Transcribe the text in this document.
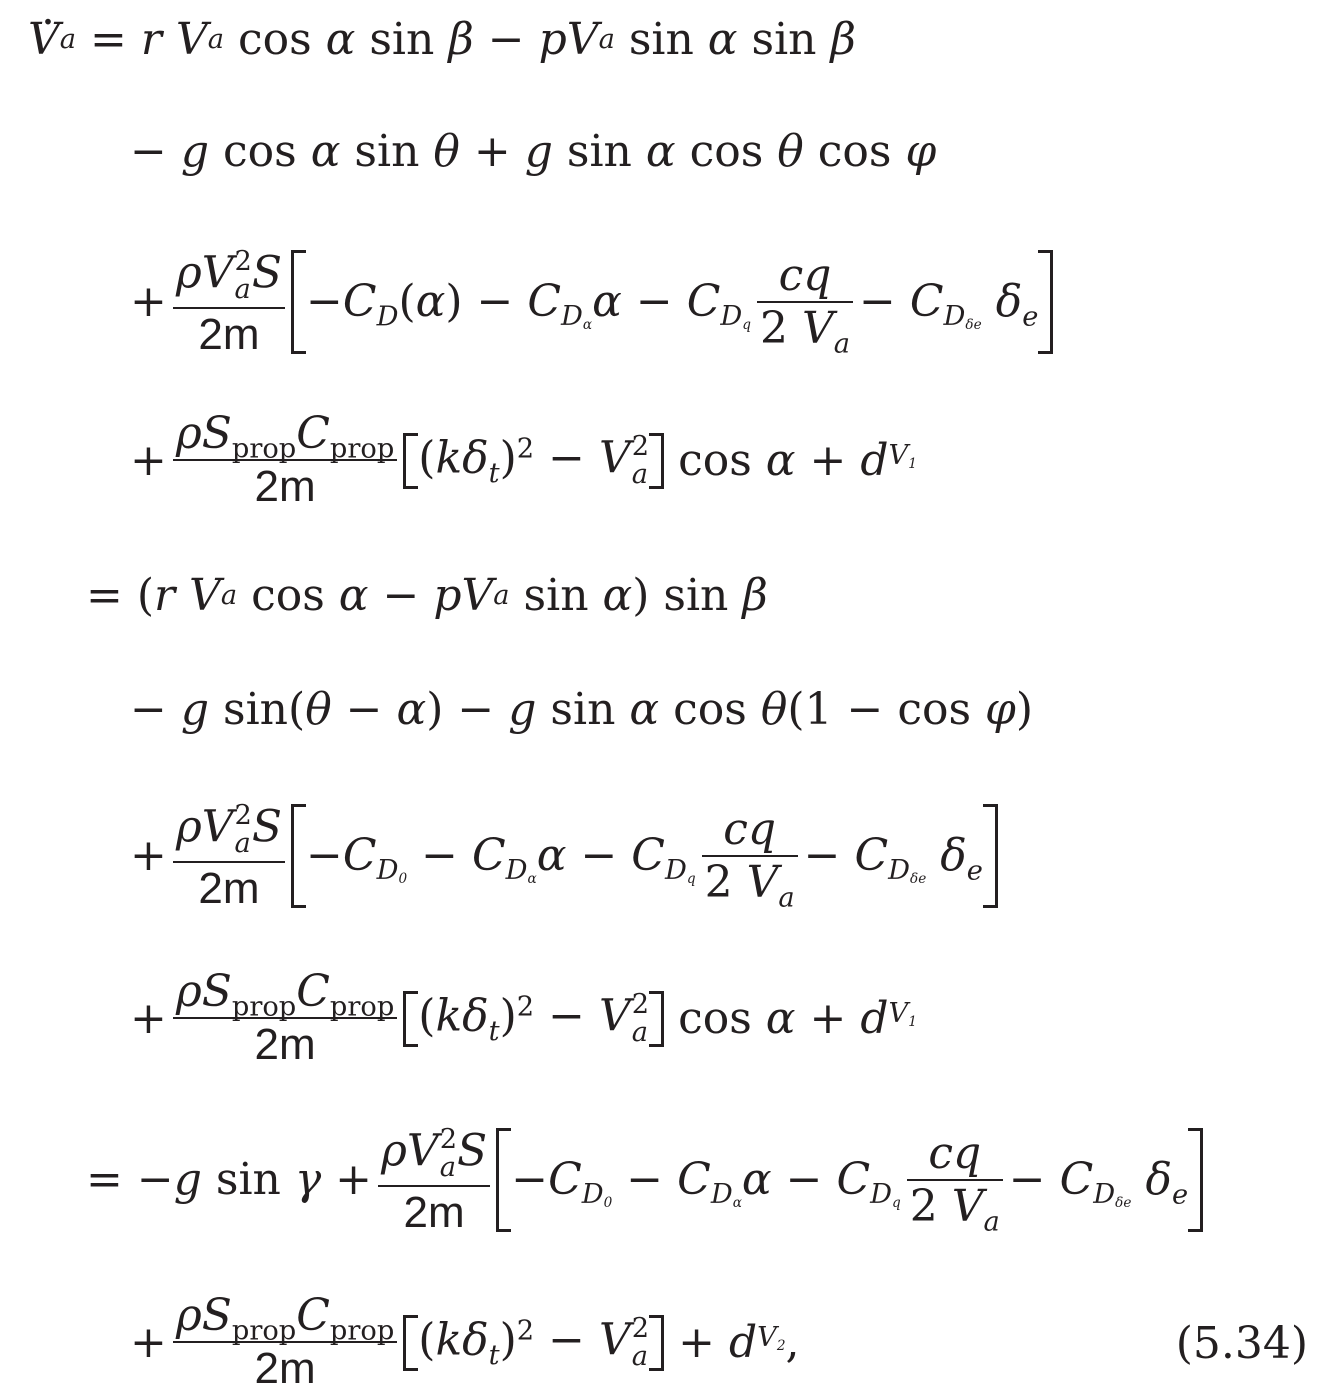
. V a = r V a cos α sin β − pV a sin α sin β
− g cos α sin θ + g sin α cos θ cos φ
+ ρV 2
a S
$2m -C_D(\alpha) - C_{D\alpha}\alpha - C_{Dq} \frac{cq}{2 V_a} - C_{D\delta e}$ $\delta_e$
+ $\frac{\rho S_{prop}C_{prop}}{2m} (k\delta_t)^2 - V$ 2
a cos α + d V1
= ( r V a cos α − pV a sin α ) sin β
− g sin( θ − α ) − g sin α cos θ (1 − cos φ )
+ ρV 2
a S
$2m -C_{D0} - C_{D\alpha}\alpha - C_{Dq} \frac{cq}{2 V_a} - C_{D\delta e}$ $\delta_e$
+ $\frac{\rho S_{prop}C_{prop}}{2m} (k\delta_t)^2 - V$ 2
a cos α + d V1
= − g sin γ + ρV 2
a S
$2m -C_{D0} - C_{D\alpha}\alpha - C_{Dq} \frac{cq}{2 V_a} - C_{D\delta e}$ $\delta_e$
+ $\frac{\rho S_{prop}C_{prop}}{2m} (k\delta_t)^2 - V$ 2
a + d V2 ,	(5.34)
